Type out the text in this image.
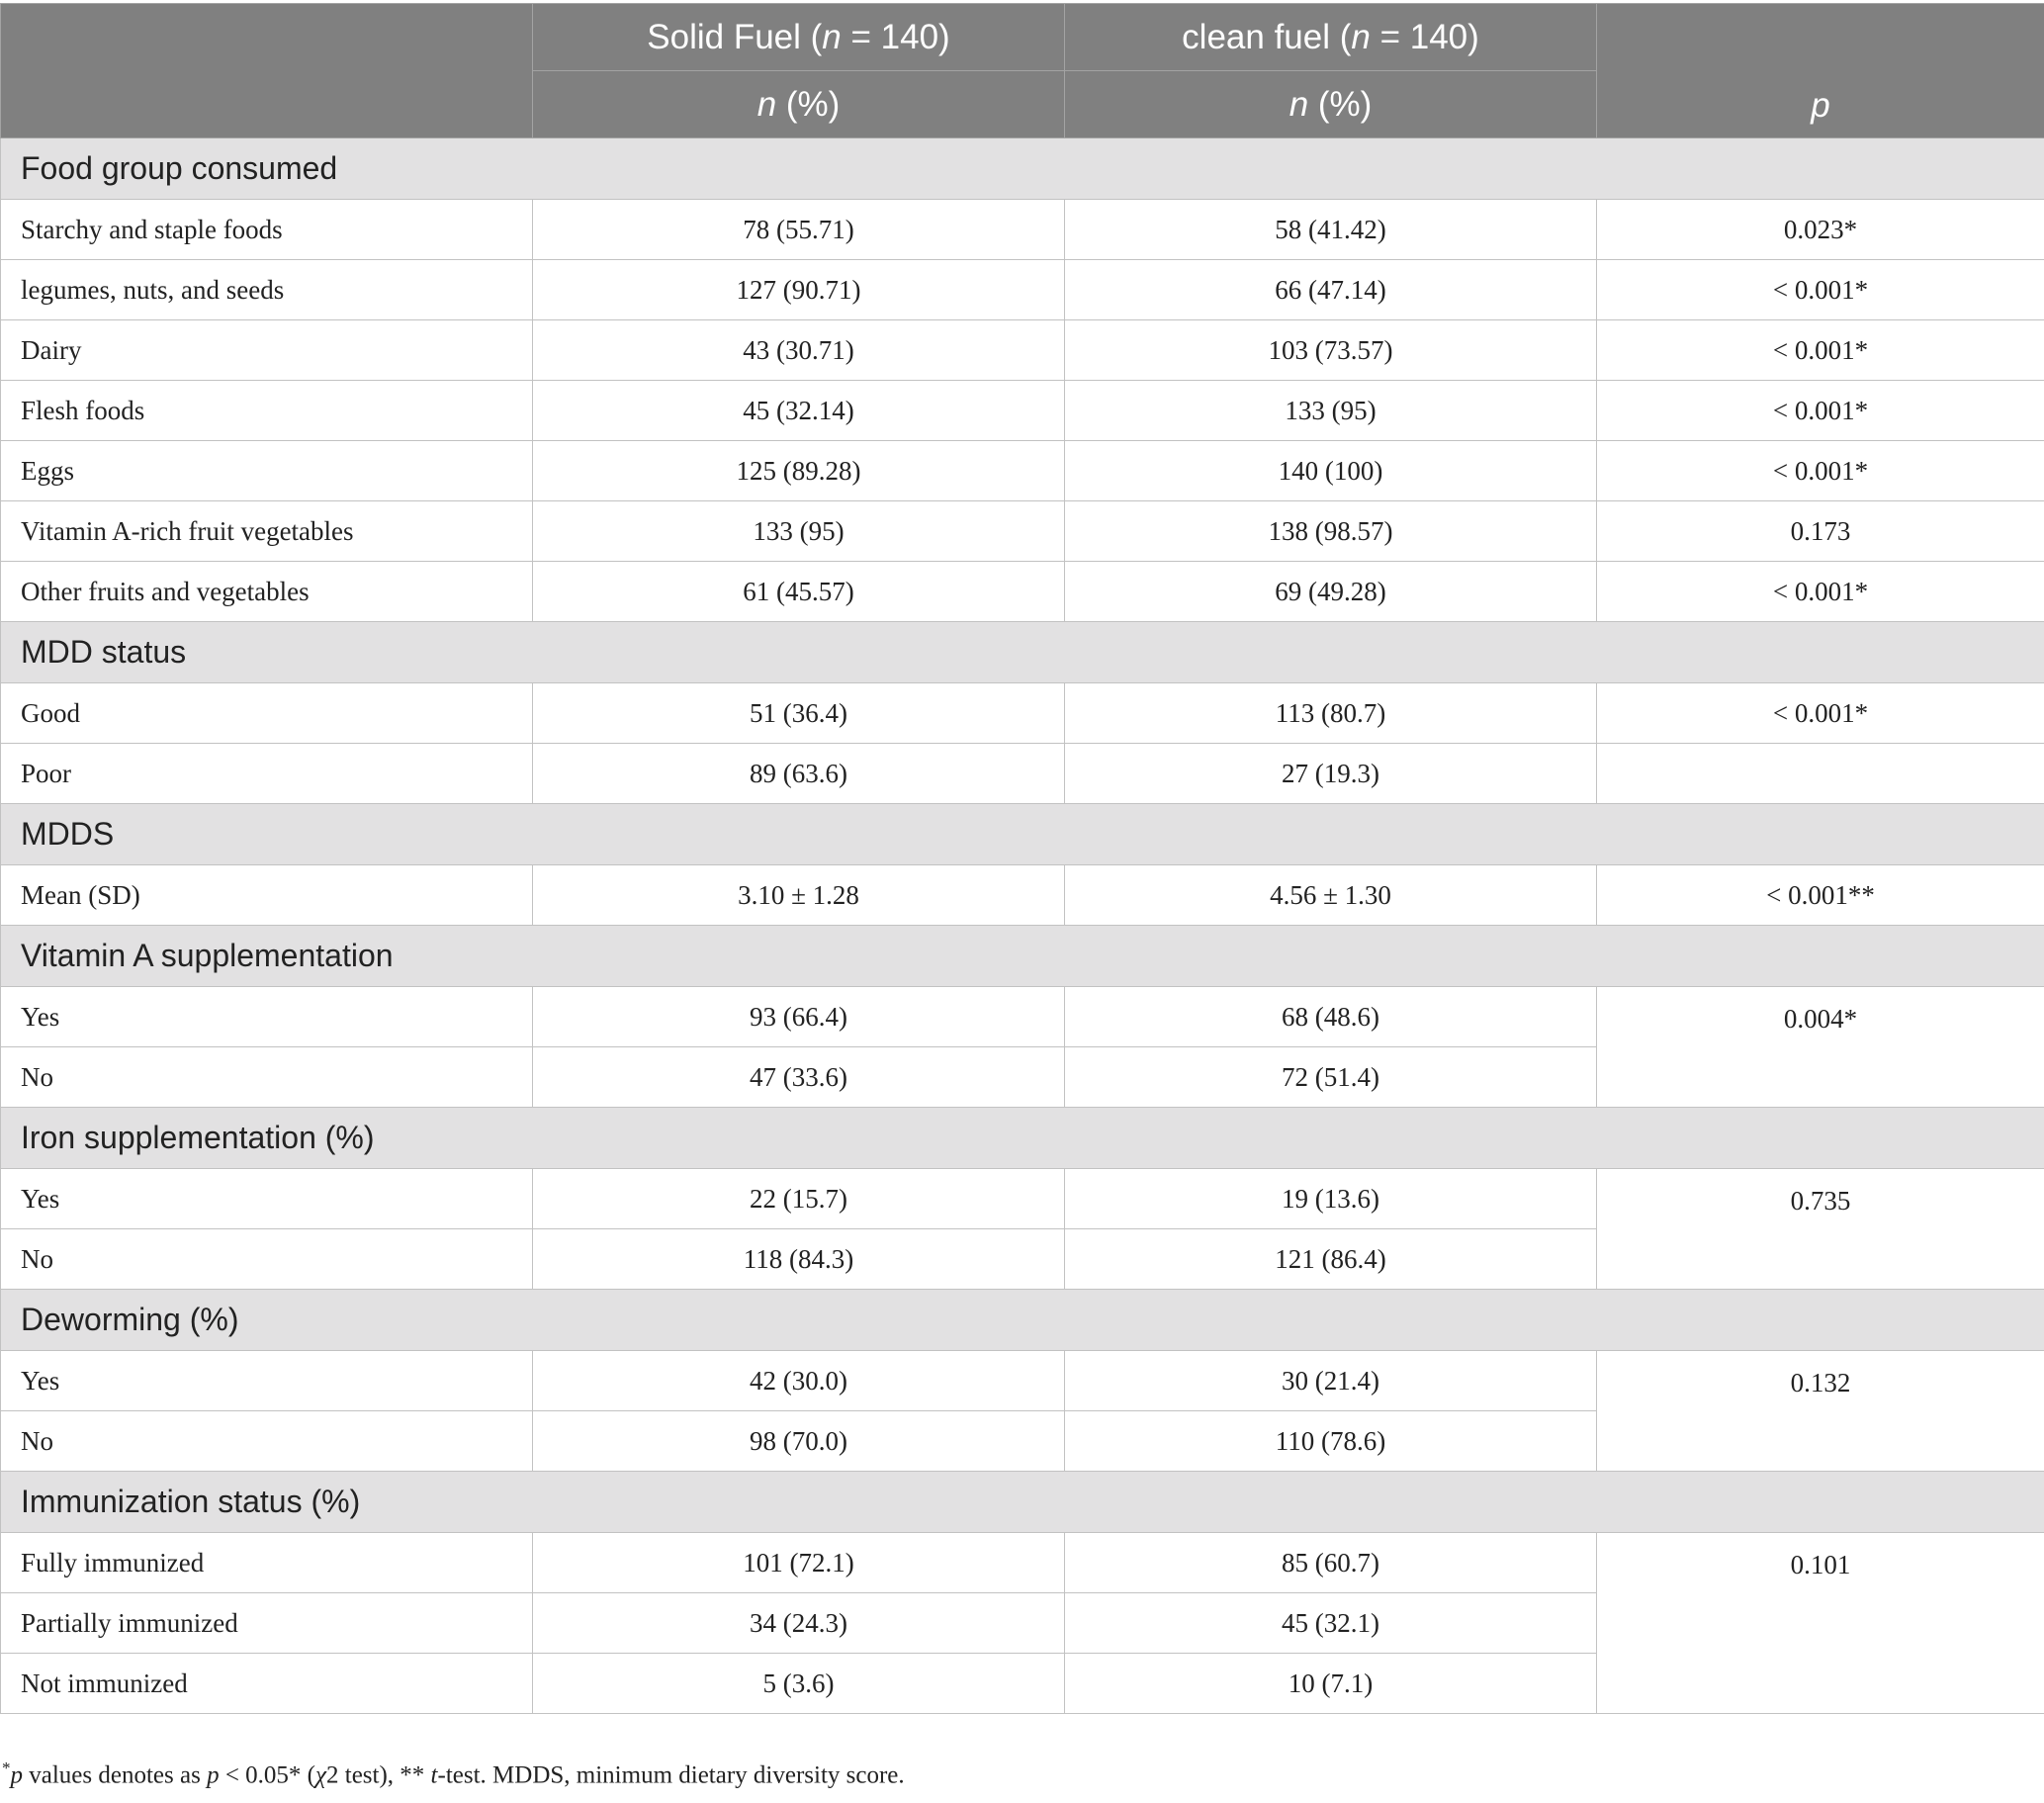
	Solid Fuel (n = 140)	clean fuel (n = 140)	p
	n (%)	n (%)	
Food group consumed			
Starchy and staple foods	78 (55.71)	58 (41.42)	0.023*
legumes, nuts, and seeds	127 (90.71)	66 (47.14)	< 0.001*
Dairy	43 (30.71)	103 (73.57)	< 0.001*
Flesh foods	45 (32.14)	133 (95)	< 0.001*
Eggs	125 (89.28)	140 (100)	< 0.001*
Vitamin A-rich fruit vegetables	133 (95)	138 (98.57)	0.173
Other fruits and vegetables	61 (45.57)	69 (49.28)	< 0.001*
MDD status			
Good	51 (36.4)	113 (80.7)	< 0.001*
Poor	89 (63.6)	27 (19.3)	
MDDS			
Mean (SD)	3.10 ± 1.28	4.56 ± 1.30	< 0.001**
Vitamin A supplementation			
Yes	93 (66.4)	68 (48.6)	0.004*
No	47 (33.6)	72 (51.4)	
Iron supplementation (%)			
Yes	22 (15.7)	19 (13.6)	0.735
No	118 (84.3)	121 (86.4)	
Deworming (%)			
Yes	42 (30.0)	30 (21.4)	0.132
No	98 (70.0)	110 (78.6)	
Immunization status (%)			
Fully immunized	101 (72.1)	85 (60.7)	0.101
Partially immunized	34 (24.3)	45 (32.1)	
Not immunized	5 (3.6)	10 (7.1)	
*p values denotes as p < 0.05* (χ2 test), ** t-test. MDDS, minimum dietary diversity score.
